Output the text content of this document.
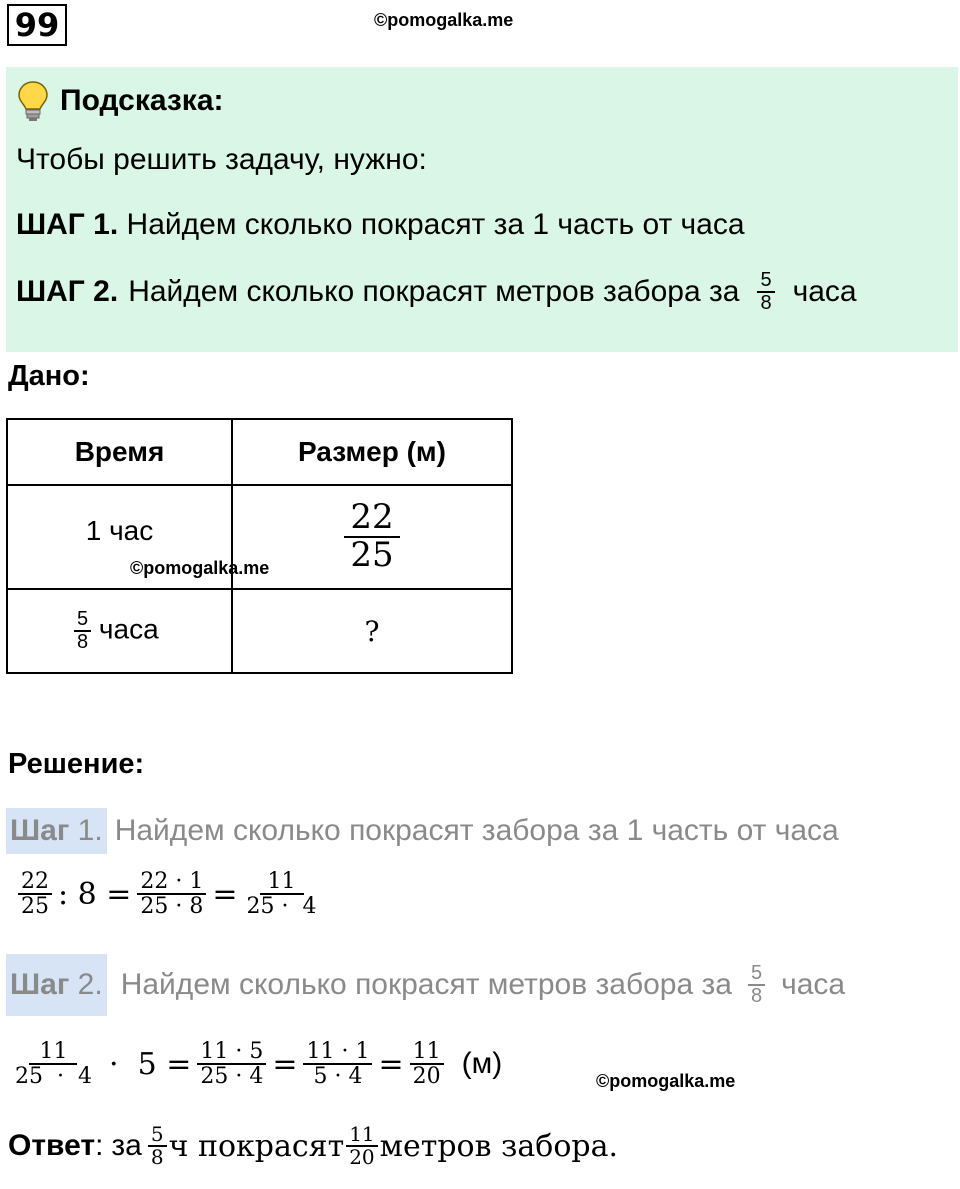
99	©pomogalka.me
Подсказка:
Чтобы решить задачу, нужно:
ШАГ 1. Найдем сколько покрасят за 1 часть от часа
ШАГ 2. Найдем сколько покрасят метров забора за $\frac{5}{8}$ часа
Дано:
Время	Размер (м)
1 час	$\frac{22}{25}$

$\frac{5}{8}$ часа	?
©pomogalka.me
Решение:
Шаг 1. Найдем сколько покрасят забора за 1 часть от часа
$\frac{22}{25}$ : $8 = \frac{22 \cdot 1}{25 \cdot 8} = \frac{11}{25 \cdot 4}$
Шаг 2. Найдем сколько покрасят метров забора за $\frac{5}{8}$ часа
$\frac{11}{25 \cdot 4} \cdot 5 = \frac{11 \cdot 5}{25 \cdot 4} = \frac{11 \cdot 1}{5 \cdot 4} = \frac{11}{20} (м)$
©pomogalka.me
Ответ : за $\frac{5}{8}$ ч покрасят $\frac{11}{20}$ метров забора.
